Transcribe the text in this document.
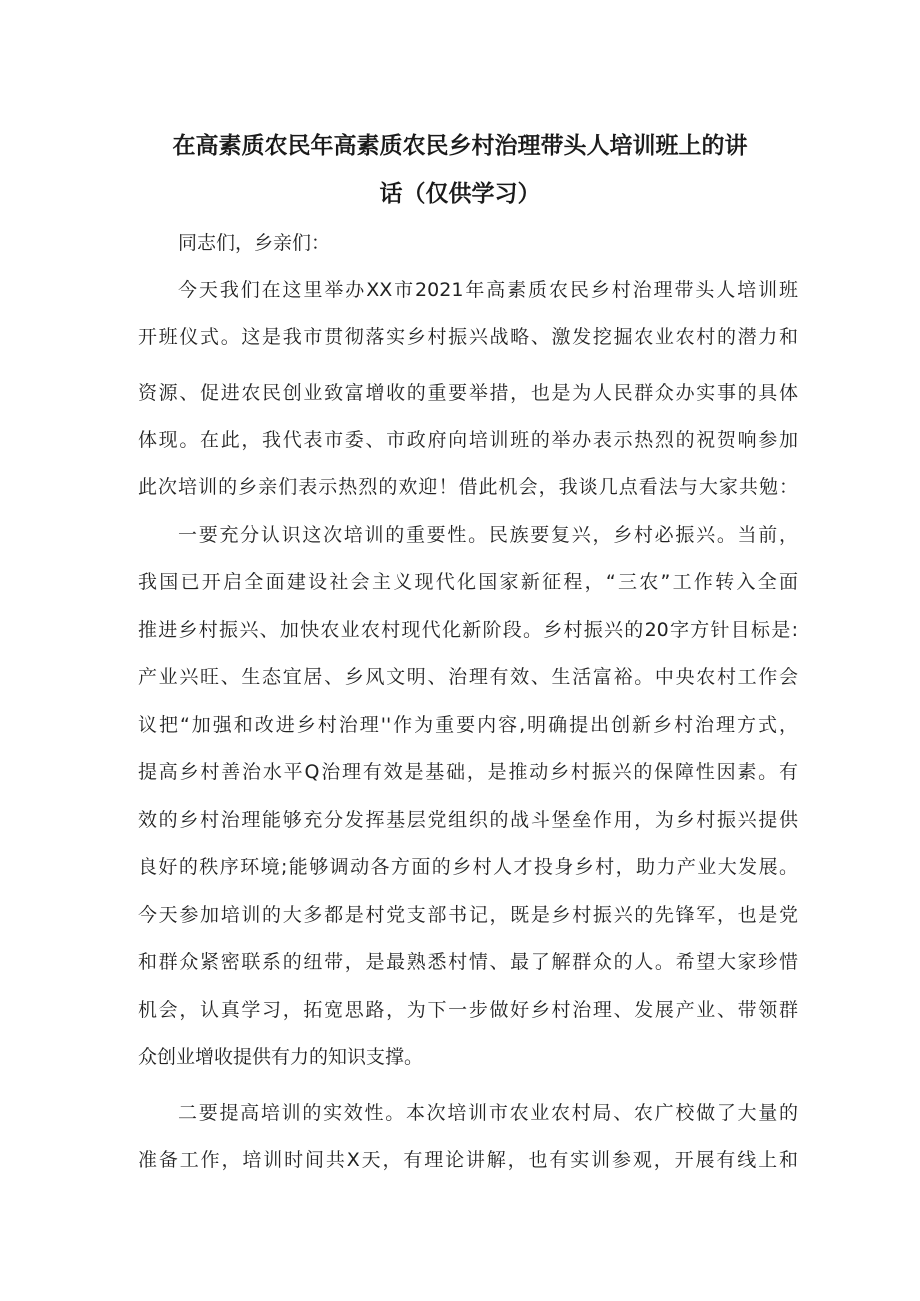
在高素质农民年高素质农民乡村治理带头人培训班上的讲
话（仅供学习）
同志们，乡亲们：
今天我们在这里举办XX市2021年高素质农民乡村治理带头人培训班
开班仪式。这是我市贯彻落实乡村振兴战略、激发挖掘农业农村的潜力和
资源、促进农民创业致富增收的重要举措，也是为人民群众办实事的具体
体现。在此，我代表市委、市政府向培训班的举办表示热烈的祝贺响参加
此次培训的乡亲们表示热烈的欢迎！借此机会，我谈几点看法与大家共勉：
一要充分认识这次培训的重要性。民族要复兴，乡村必振兴。当前，
我国已开启全面建设社会主义现代化国家新征程，“三农”工作转入全面
推进乡村振兴、加快农业农村现代化新阶段。乡村振兴的20字方针目标是:
产业兴旺、生态宜居、乡风文明、治理有效、生活富裕。中央农村工作会
议把“加强和改进乡村治理''作为重要内容,明确提出创新乡村治理方式，
提高乡村善治水平Q治理有效是基础，是推动乡村振兴的保障性因素。有
效的乡村治理能够充分发挥基层党组织的战斗堡垒作用，为乡村振兴提供
良好的秩序环境;能够调动各方面的乡村人才投身乡村，助力产业大发展。
今天参加培训的大多都是村党支部书记，既是乡村振兴的先锋军，也是党
和群众紧密联系的纽带，是最熟悉村情、最了解群众的人。希望大家珍惜
机会，认真学习，拓宽思路，为下一步做好乡村治理、发展产业、带领群
众创业增收提供有力的知识支撑。
二要提高培训的实效性。本次培训市农业农村局、农广校做了大量的
准备工作，培训时间共X天，有理论讲解，也有实训参观，开展有线上和
